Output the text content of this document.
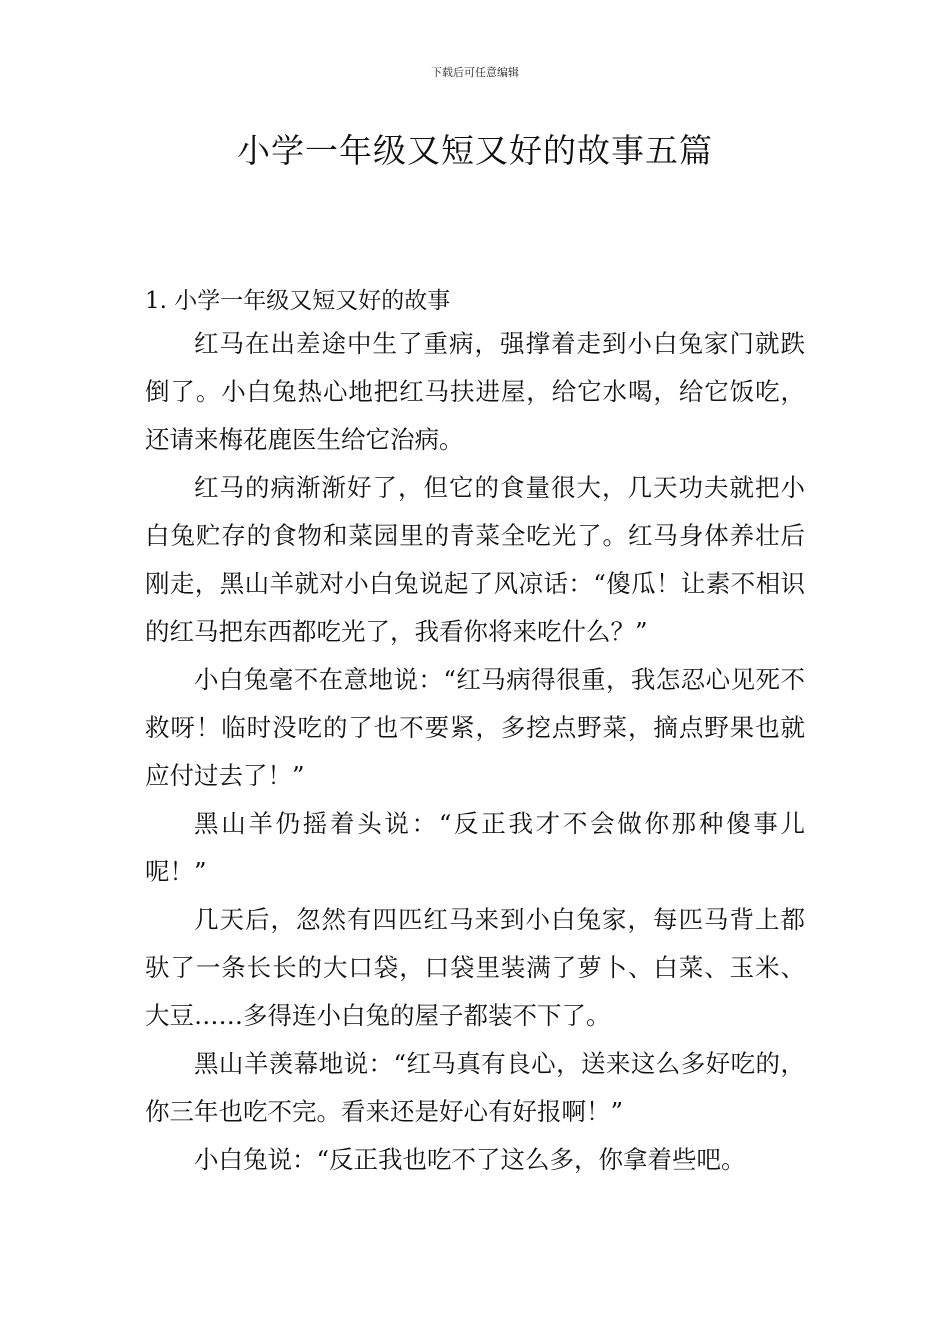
下载后可任意编辑
小学一年级又短又好的故事五篇
1. 小学一年级又短又好的故事

红马在出差途中生了重病，强撑着走到小白兔家门就跌倒了。小白兔热心地把红马扶进屋，给它水喝，给它饭吃，还请来梅花鹿医生给它治病。

红马的病渐渐好了，但它的食量很大，几天功夫就把小白兔贮存的食物和菜园里的青菜全吃光了。红马身体养壮后刚走，黑山羊就对小白兔说起了风凉话：“傻瓜！让素不相识的红马把东西都吃光了，我看你将来吃什么？”

小白兔毫不在意地说：“红马病得很重，我怎忍心见死不救呀！临时没吃的了也不要紧，多挖点野菜，摘点野果也就应付过去了！”

黑山羊仍摇着头说：“反正我才不会做你那种傻事儿呢！”

几天后，忽然有四匹红马来到小白兔家，每匹马背上都驮了一条长长的大口袋，口袋里装满了萝卜、白菜、玉米、大豆……多得连小白兔的屋子都装不下了。

黑山羊羡幕地说：“红马真有良心，送来这么多好吃的，你三年也吃不完。看来还是好心有好报啊！”

小白兔说：“反正我也吃不了这么多，你拿着些吧。
